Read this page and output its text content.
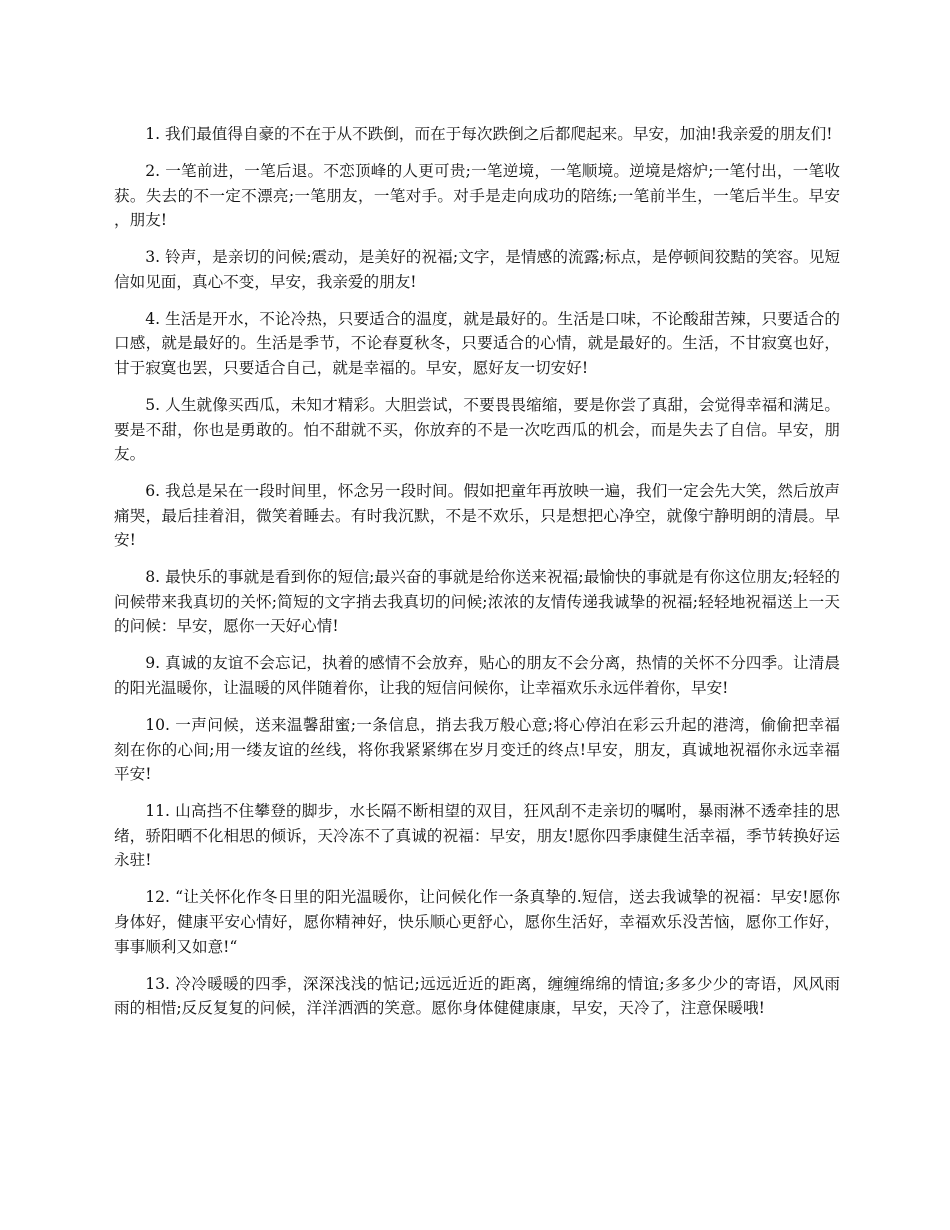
1. 我们最值得自豪的不在于从不跌倒，而在于每次跌倒之后都爬起来。早安，加油!我亲爱的朋友们!

2. 一笔前进，一笔后退。不恋顶峰的人更可贵;一笔逆境，一笔顺境。逆境是熔炉;一笔付出，一笔收获。失去的不一定不漂亮;一笔朋友，一笔对手。对手是走向成功的陪练;一笔前半生，一笔后半生。早安，朋友!

3. 铃声，是亲切的问候;震动，是美好的祝福;文字，是情感的流露;标点，是停顿间狡黠的笑容。见短信如见面，真心不变，早安，我亲爱的朋友!

4. 生活是开水，不论冷热，只要适合的温度，就是最好的。生活是口味，不论酸甜苦辣，只要适合的口感，就是最好的。生活是季节，不论春夏秋冬，只要适合的心情，就是最好的。生活，不甘寂寞也好，甘于寂寞也罢，只要适合自己，就是幸福的。早安，愿好友一切安好!

5. 人生就像买西瓜，未知才精彩。大胆尝试，不要畏畏缩缩，要是你尝了真甜，会觉得幸福和满足。要是不甜，你也是勇敢的。怕不甜就不买，你放弃的不是一次吃西瓜的机会，而是失去了自信。早安，朋友。

6. 我总是呆在一段时间里，怀念另一段时间。假如把童年再放映一遍，我们一定会先大笑，然后放声痛哭，最后挂着泪，微笑着睡去。有时我沉默，不是不欢乐，只是想把心净空，就像宁静明朗的清晨。早安!

8. 最快乐的事就是看到你的短信;最兴奋的事就是给你送来祝福;最愉快的事就是有你这位朋友;轻轻的问候带来我真切的关怀;简短的文字捎去我真切的问候;浓浓的友情传递我诚挚的祝福;轻轻地祝福送上一天的问候：早安，愿你一天好心情!

9. 真诚的友谊不会忘记，执着的感情不会放弃，贴心的朋友不会分离，热情的关怀不分四季。让清晨的阳光温暖你，让温暖的风伴随着你，让我的短信问候你，让幸福欢乐永远伴着你，早安!

10. 一声问候，送来温馨甜蜜;一条信息，捎去我万般心意;将心停泊在彩云升起的港湾，偷偷把幸福刻在你的心间;用一缕友谊的丝线，将你我紧紧绑在岁月变迁的终点!早安，朋友，真诚地祝福你永远幸福平安!

11. 山高挡不住攀登的脚步，水长隔不断相望的双目，狂风刮不走亲切的嘱咐，暴雨淋不透牵挂的思绪，骄阳晒不化相思的倾诉，天冷冻不了真诚的祝福：早安，朋友!愿你四季康健生活幸福，季节转换好运永驻!

12. “让关怀化作冬日里的阳光温暖你，让问候化作一条真挚的.短信，送去我诚挚的祝福：早安!愿你身体好，健康平安心情好，愿你精神好，快乐顺心更舒心，愿你生活好，幸福欢乐没苦恼，愿你工作好，事事顺利又如意!“

13. 冷冷暖暖的四季，深深浅浅的惦记;远远近近的距离，缠缠绵绵的情谊;多多少少的寄语，风风雨雨的相惜;反反复复的问候，洋洋洒洒的笑意。愿你身体健健康康，早安，天冷了，注意保暖哦!
